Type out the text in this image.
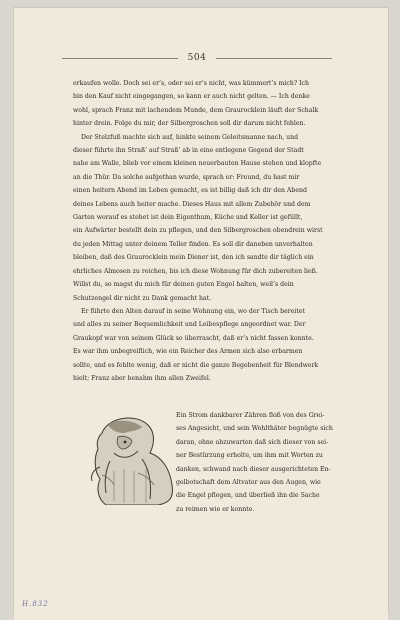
504
erkaufen wolle. Doch sei er’s, oder sei er’s nicht, was kümmert’s mich? Ich
bin den Kauf nicht eingegangen, so kann er auch nicht gelten. — Ich denke
wohl, sprach Franz mit lachendem Munde, dem Graurocklein läuft der Schalk
hinter drein. Folge du mir, der Silbergroschen soll dir darum nicht fehlen.
Der Stelzfuß machte sich auf, hinkte seinem Geleitsmanne nach, und
dieser führte ihn Straß’ auf Straß’ ab in eine entlegene Gegend der Stadt
nahe am Walle, blieb vor einem kleinen neuerbauten Hause stehen und klopfte
an die Thür. Da solche aufgethan wurde, sprach er: Freund, du hast mir
einen heitern Abend im Leben gemacht, es ist billig daß ich dir den Abend
deines Lebens auch heiter mache. Dieses Haus mit allem Zubehör und dem
Garten worauf es stehet ist dein Eigenthum, Küche und Keller ist gefüllt,
ein Aufwärter bestellt dein zu pflegen, und den Silbergroschen obendrein wirst
du jeden Mittag unter deinem Teller finden. Es soll dir daneben unverhalten
bleiben, daß des Graurocklein mein Diener ist, den ich sandte dir täglich ein
ehrliches Almosen zu reichen, bis ich diese Wohnung für dich zubereiten ließ.
Willst du, so magst du mich für deinen guten Engel halten, weil’s dein
Schutzengel dir nicht zu Dank gemacht hat.
Er führte den Alten darauf in seine Wohnung ein, wo der Tisch bereitet
und alles zu seiner Bequemlichkeit und Leibespflege angeordnet war. Der
Graukopf war von seinem Glück so überrascht, daß er’s nicht fassen konnte.
Es war ihm unbegreiflich, wie ein Reicher des Armen sich also erbarmen
sollte, und es fehlte wenig, daß er nicht die ganze Begebenheit für Blendwerk
hielt; Franz aber benahm ihm allen Zweifel.
Ein Strom dankbarer Zähren floß von des Grei-
ses Angesicht, und sein Wohlthäter begnügte sich
daran, ohne abzuwarten daß sich dieser von sei-
ner Bestürzung erholte, um ihm mit Worten zu
danken, schwand nach dieser ausgerichteten En-
gelbotschaft dem Altvater aus den Augen, wie
die Engel pflegen, und überließ ihn die Sache
zu reimen wie er konnte.
H.832
